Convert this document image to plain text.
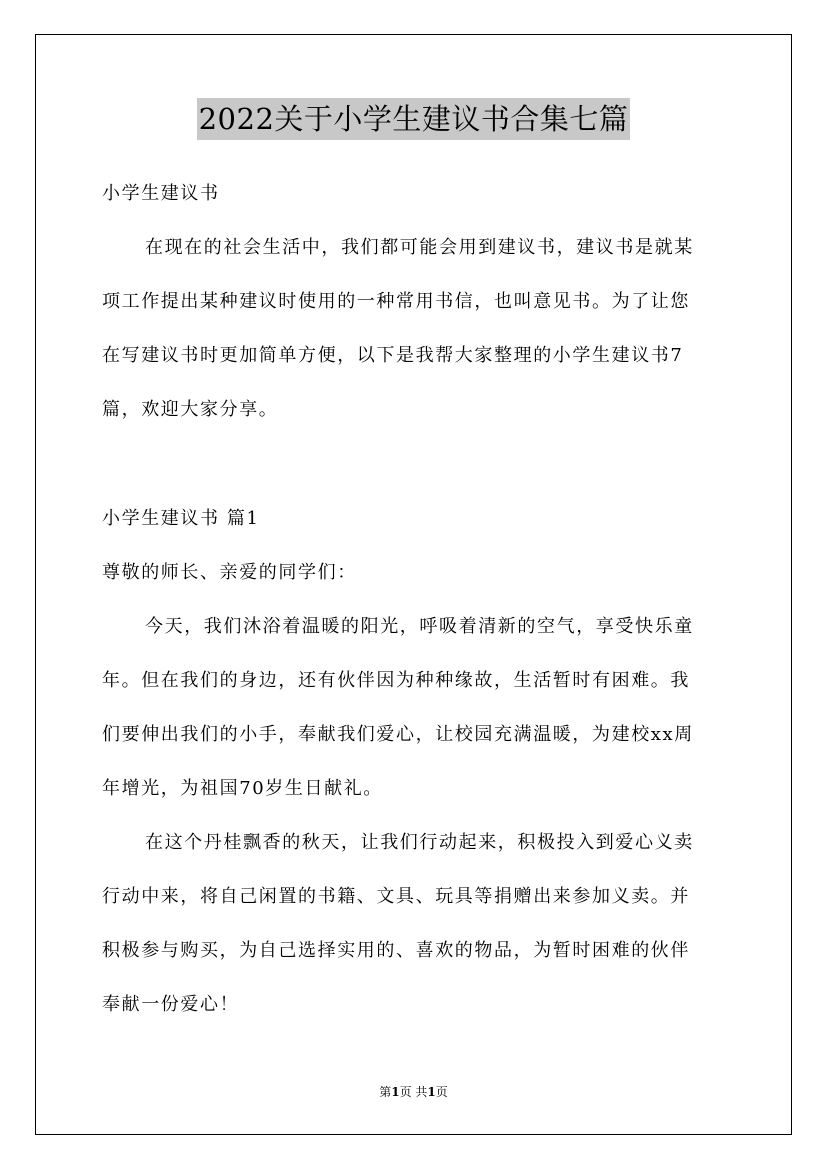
2022关于小学生建议书合集七篇
小学生建议书
在现在的社会生活中，我们都可能会用到建议书，建议书是就某
项工作提出某种建议时使用的一种常用书信，也叫意见书。为了让您
在写建议书时更加简单方便，以下是我帮大家整理的小学生建议书7
篇，欢迎大家分享。
小学生建议书 篇1
尊敬的师长、亲爱的同学们：
今天，我们沐浴着温暖的阳光，呼吸着清新的空气，享受快乐童
年。但在我们的身边，还有伙伴因为种种缘故，生活暂时有困难。我
们要伸出我们的小手，奉献我们爱心，让校园充满温暖，为建校xx周
年增光，为祖国70岁生日献礼。
在这个丹桂飘香的秋天，让我们行动起来，积极投入到爱心义卖
行动中来，将自己闲置的书籍、文具、玩具等捐赠出来参加义卖。并
积极参与购买，为自己选择实用的、喜欢的物品，为暂时困难的伙伴
奉献一份爱心！
第1页 共1页
